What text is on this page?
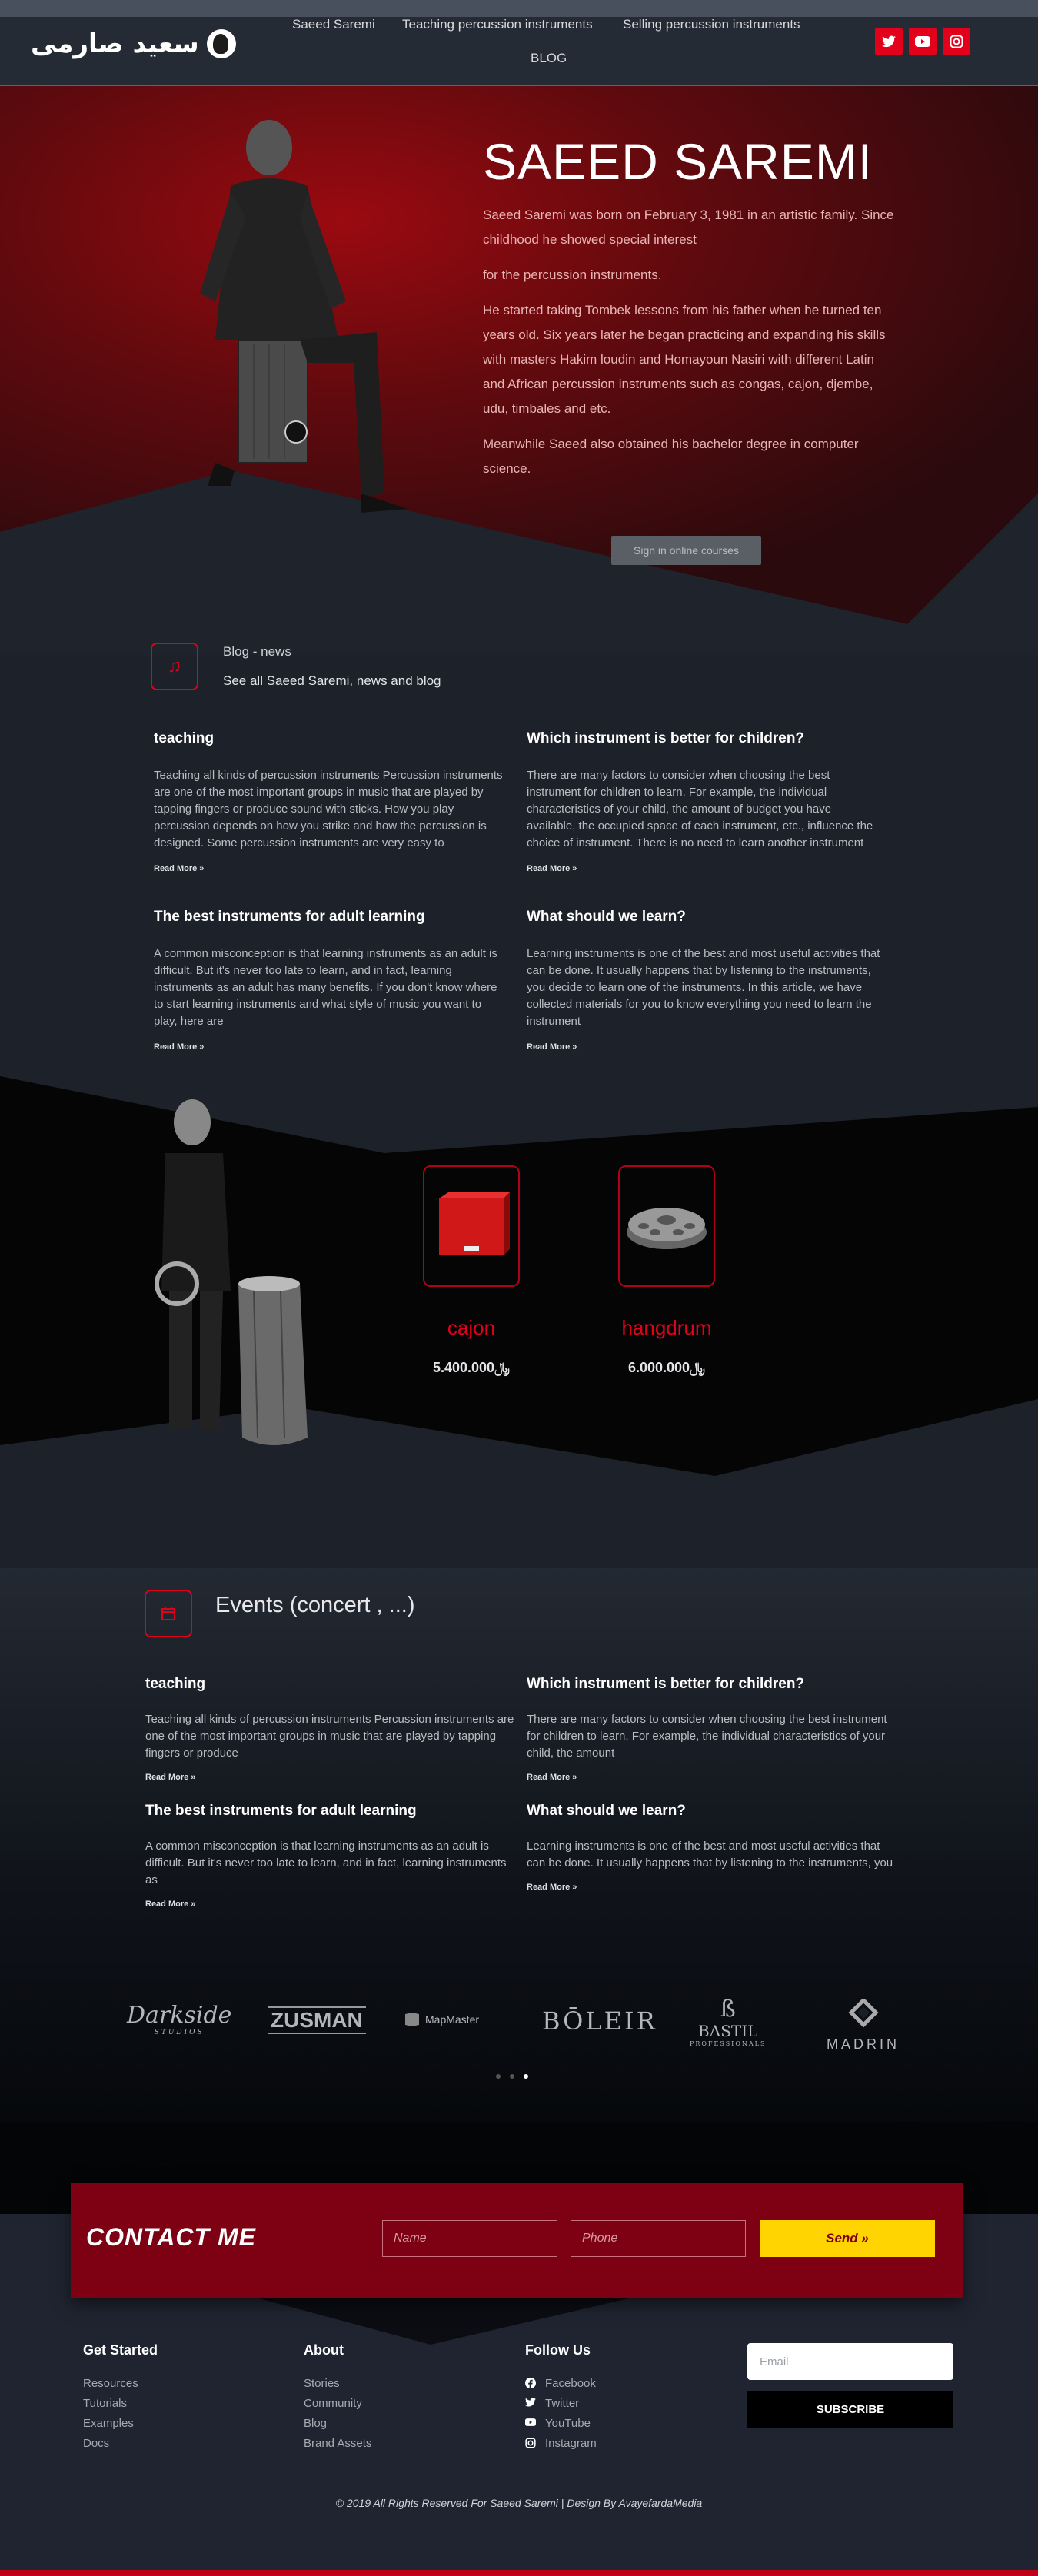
سعید صارمی
Saeed Saremi Teaching percussion instruments Selling percussion instruments
BLOG
SAEED SAREMI

Saeed Saremi was born on February 3, 1981 in an artistic family. Since childhood he showed special interest

for the percussion instruments.

He started taking Tombek lessons from his father when he turned ten years old. Six years later he began practicing and expanding his skills with masters Hakim loudin and Homayoun Nasiri with different Latin and African percussion instruments such as congas, cajon, djembe, udu, timbales and etc.

Meanwhile Saeed also obtained his bachelor degree in computer science.

Sign in online courses
♫
Blog - news
See all Saeed Saremi, news and blog
teaching

Teaching all kinds of percussion instruments Percussion instruments are one of the most important groups in music that are played by tapping fingers or produce sound with sticks. How you play percussion depends on how you strike and how the percussion is designed. Some percussion instruments are very easy to

Read More »
Which instrument is better for children?

There are many factors to consider when choosing the best instrument for children to learn. For example, the individual characteristics of your child, the amount of budget you have available, the occupied space of each instrument, etc., influence the choice of instrument. There is no need to learn another instrument

Read More »
The best instruments for adult learning

A common misconception is that learning instruments as an adult is difficult. But it's never too late to learn, and in fact, learning instruments as an adult has many benefits. If you don't know where to start learning instruments and what style of music you want to play, here are

Read More »
What should we learn?

Learning instruments is one of the best and most useful activities that can be done. It usually happens that by listening to the instruments, you decide to learn one of the instruments. In this article, we have collected materials for you to know everything you need to learn the instrument

Read More »
cajon
5.400.000﷼
hangdrum
6.000.000﷼
Events (concert , ...)
teaching

Teaching all kinds of percussion instruments Percussion instruments are one of the most important groups in music that are played by tapping fingers or produce

Read More »
Which instrument is better for children?

There are many factors to consider when choosing the best instrument for children to learn. For example, the individual characteristics of your child, the amount

Read More »
The best instruments for adult learning

A common misconception is that learning instruments as an adult is difficult. But it's never too late to learn, and in fact, learning instruments as

Read More »
What should we learn?

Learning instruments is one of the best and most useful activities that can be done. It usually happens that by listening to the instruments, you

Read More »
Darkside
STUDIOS
ZUSMAN	MapMaster	BŌLEIR	ß
BASTIL
PROFESSIONALS	MADRIN
CONTACT ME	Name	Phone	Send »
Get Started
Resources
Tutorials
Examples
Docs
About
Stories
Community
Blog
Brand Assets
Follow Us
Facebook
Twitter
YouTube
Instagram
Email
SUBSCRIBE
© 2019 All Rights Reserved For Saeed Saremi | Design By AvayefardaMedia
